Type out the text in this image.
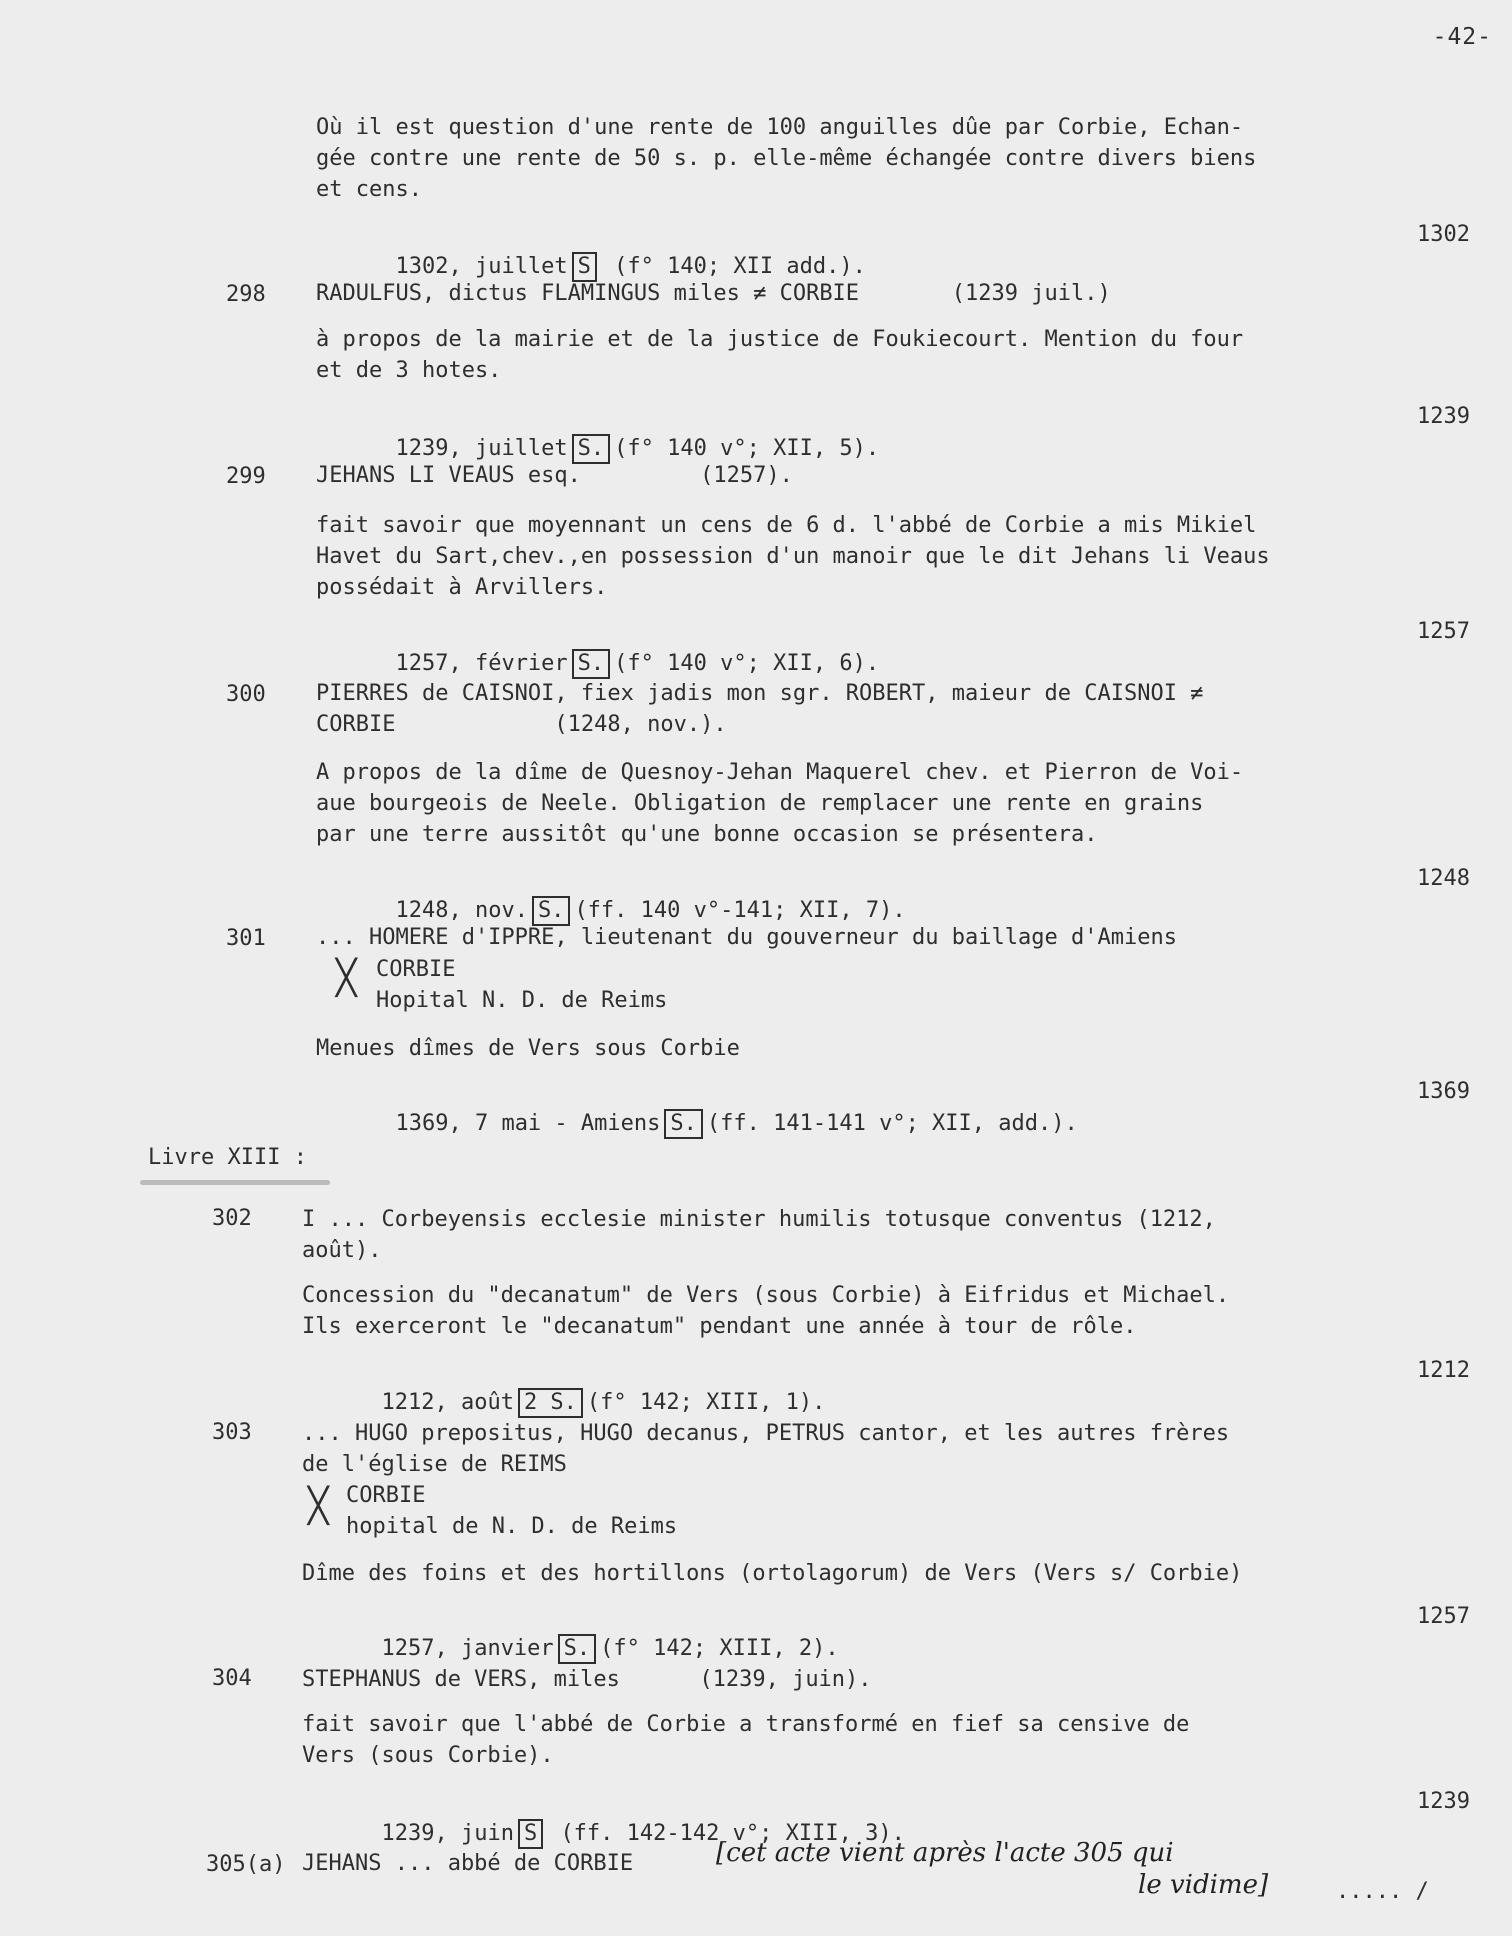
-42-
Où il est question d'une rente de 100 anguilles dûe par Corbie, Echan-
gée contre une rente de 50 s. p. elle-même échangée contre divers biens
et cens.

1302, juillet S (f° 140; XII add.).

1302
298 RADULFUS, dictus FLAMINGUS miles ≠ CORBIE       (1239 juil.)
à propos de la mairie et de la justice de Foukiecourt. Mention du four
et de 3 hotes.

1239, juillet S. (f° 140 v°; XII, 5).

1239
299 JEHANS LI VEAUS esq.         (1257).
fait savoir que moyennant un cens de 6 d. l'abbé de Corbie a mis Mikiel
Havet du Sart,chev.,en possession d'un manoir que le dit Jehans li Veaus
possédait à Arvillers.

1257, février S. (f° 140 v°; XII, 6).

1257
300 PIERRES de CAISNOI, fiex jadis mon sgr. ROBERT, maieur de CAISNOI ≠
CORBIE            (1248, nov.).
A propos de la dîme de Quesnoy-Jehan Maquerel chev. et Pierron de Voi-
aue bourgeois de Neele. Obligation de remplacer une rente en grains
par une terre aussitôt qu'une bonne occasion se présentera.

1248, nov. S. (ff. 140 v°-141; XII, 7).

1248
301 ... HOMERE d'IPPRE, lieutenant du gouverneur du baillage d'Amiens
╳ CORBIE
Hopital N. D. de Reims
Menues dîmes de Vers sous Corbie

1369, 7 mai - Amiens S. (ff. 141-141 v°; XII, add.).

1369
Livre XIII :
302 I ... Corbeyensis ecclesie minister humilis totusque conventus (1212,
août).
Concession du "decanatum" de Vers (sous Corbie) à Eifridus et Michael.
Ils exerceront le "decanatum" pendant une année à tour de rôle.

1212, août 2 S. (f° 142; XIII, 1).

1212
303 ... HUGO prepositus, HUGO decanus, PETRUS cantor, et les autres frères
de l'église de REIMS
╳ CORBIE
hopital de N. D. de Reims
Dîme des foins et des hortillons (ortolagorum) de Vers (Vers s/ Corbie)

1257, janvier S. (f° 142; XIII, 2).

1257
304 STEPHANUS de VERS, miles      (1239, juin).
fait savoir que l'abbé de Corbie a transformé en fief sa censive de
Vers (sous Corbie).

1239, juin S (ff. 142-142 v°; XIII, 3).

1239
305(a) JEHANS ... abbé de CORBIE	[cet acte vient après l'acte 305 qui
le vidime]	..... /
